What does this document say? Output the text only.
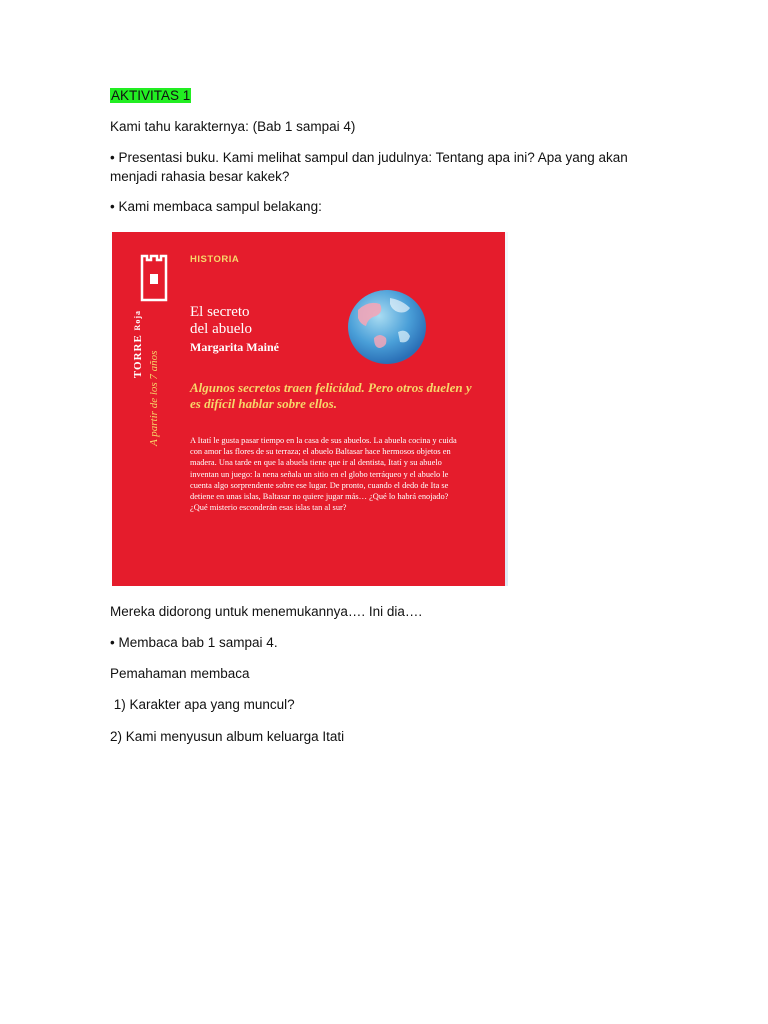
AKTIVITAS 1

Kami tahu karakternya: (Bab 1 sampai 4)

• Presentasi buku. Kami melihat sampul dan judulnya: Tentang apa ini? Apa yang akan menjadi rahasia besar kakek?

• Kami membaca sampul belakang:

TORRE Roja
A partir de los 7 años
HISTORIA
El secreto
del abuelo
Margarita Mainé
Algunos secretos traen felicidad. Pero otros duelen y es difícil hablar sobre ellos.
A Itatí le gusta pasar tiempo en la casa de sus abuelos. La abuela cocina y cuida con amor las flores de su terraza; el abuelo Baltasar hace hermosos objetos en madera. Una tarde en que la abuela tiene que ir al dentista, Itatí y su abuelo inventan un juego: la nena señala un sitio en el globo terráqueo y el abuelo le cuenta algo sorprendente sobre ese lugar. De pronto, cuando el dedo de Ita se detiene en unas islas, Baltasar no quiere jugar más… ¿Qué lo habrá enojado? ¿Qué misterio esconderán esas islas tan al sur?

Mereka didorong untuk menemukannya…. Ini dia….

• Membaca bab 1 sampai 4.

Pemahaman membaca

1) Karakter apa yang muncul?

2) Kami menyusun album keluarga Itati
